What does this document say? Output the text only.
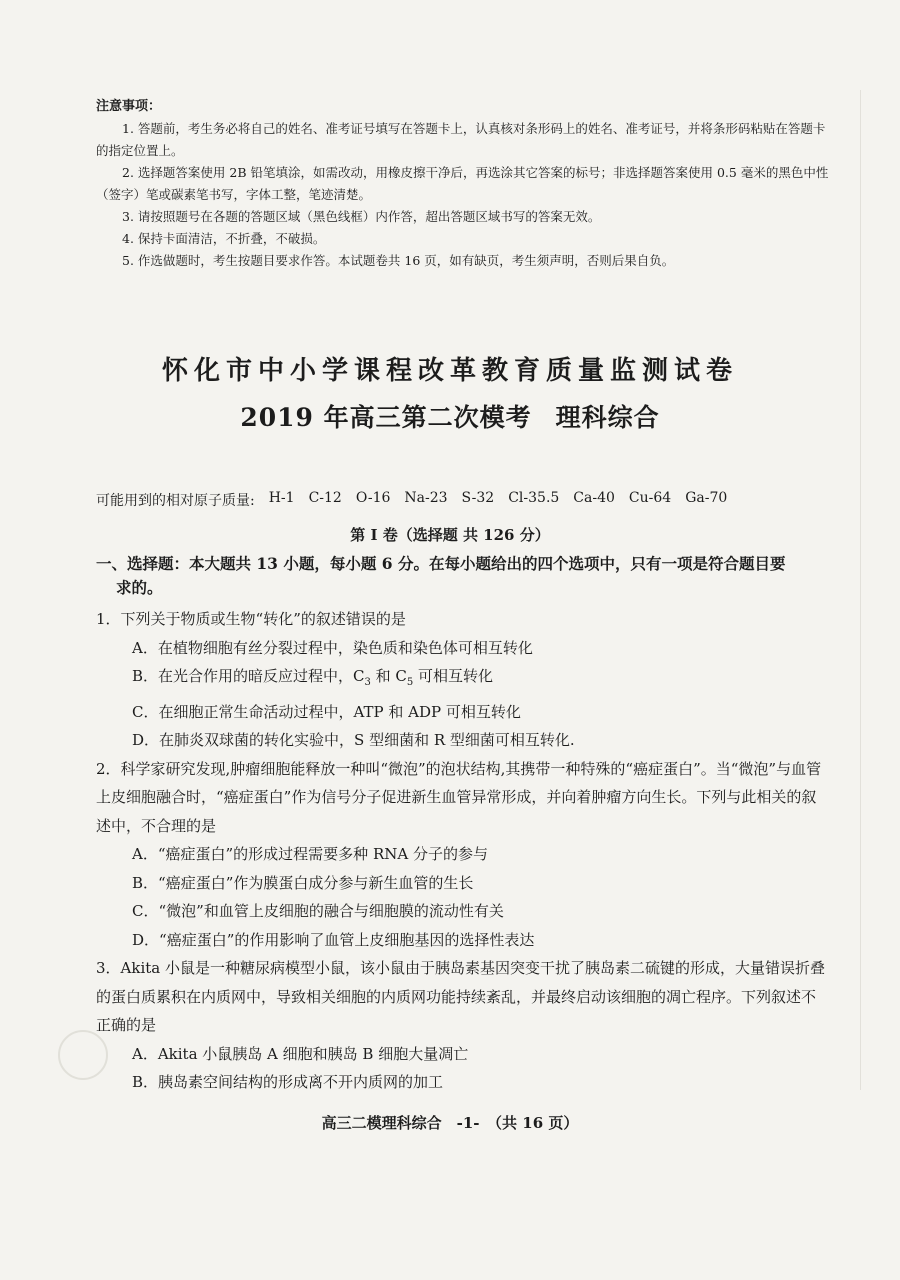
注意事项：

1. 答题前，考生务必将自己的姓名、准考证号填写在答题卡上，认真核对条形码上的姓名、准考证号，并将条形码粘贴在答题卡的指定位置上。

2. 选择题答案使用 2B 铅笔填涂，如需改动，用橡皮擦干净后，再选涂其它答案的标号；非选择题答案使用 0.5 毫米的黑色中性（签字）笔或碳素笔书写，字体工整，笔迹清楚。

3. 请按照题号在各题的答题区域（黑色线框）内作答，超出答题区域书写的答案无效。

4. 保持卡面清洁，不折叠，不破损。

5. 作选做题时，考生按题目要求作答。本试题卷共 16 页，如有缺页，考生须声明，否则后果自负。

怀化市中小学课程改革教育质量监测试卷
2019 年高三第二次模考 理科综合
可能用到的相对原子质量: H-1 C-12 O-16 Na-23 S-32 Cl-35.5 Ca-40 Cu-64 Ga-70
第 I 卷（选择题 共 126 分）
一、选择题：本大题共 13 小题，每小题 6 分。在每小题给出的四个选项中，只有一项是符合题目要
求的。

1．下列关于物质或生物“转化”的叙述错误的是

A．在植物细胞有丝分裂过程中，染色质和染色体可相互转化

B．在光合作用的暗反应过程中，$C_3$ 和 $C_5$ 可相互转化

C．在细胞正常生命活动过程中，ATP 和 ADP 可相互转化

D．在肺炎双球菌的转化实验中，S 型细菌和 R 型细菌可相互转化.

2．科学家研究发现,肿瘤细胞能释放一种叫“微泡”的泡状结构,其携带一种特殊的“癌症蛋白”。当“微泡”与血管上皮细胞融合时，“癌症蛋白”作为信号分子促进新生血管异常形成，并向着肿瘤方向生长。下列与此相关的叙述中，不合理的是

A．“癌症蛋白”的形成过程需要多种 RNA 分子的参与

B．“癌症蛋白”作为膜蛋白成分参与新生血管的生长

C．“微泡”和血管上皮细胞的融合与细胞膜的流动性有关

D．“癌症蛋白”的作用影响了血管上皮细胞基因的选择性表达

3．Akita 小鼠是一种糖尿病模型小鼠，该小鼠由于胰岛素基因突变干扰了胰岛素二硫键的形成，大量错误折叠的蛋白质累积在内质网中，导致相关细胞的内质网功能持续紊乱，并最终启动该细胞的凋亡程序。下列叙述不正确的是

A．Akita 小鼠胰岛 A 细胞和胰岛 B 细胞大量凋亡

B．胰岛素空间结构的形成离不开内质网的加工

高三二模理科综合　-1-　（共 16 页）
